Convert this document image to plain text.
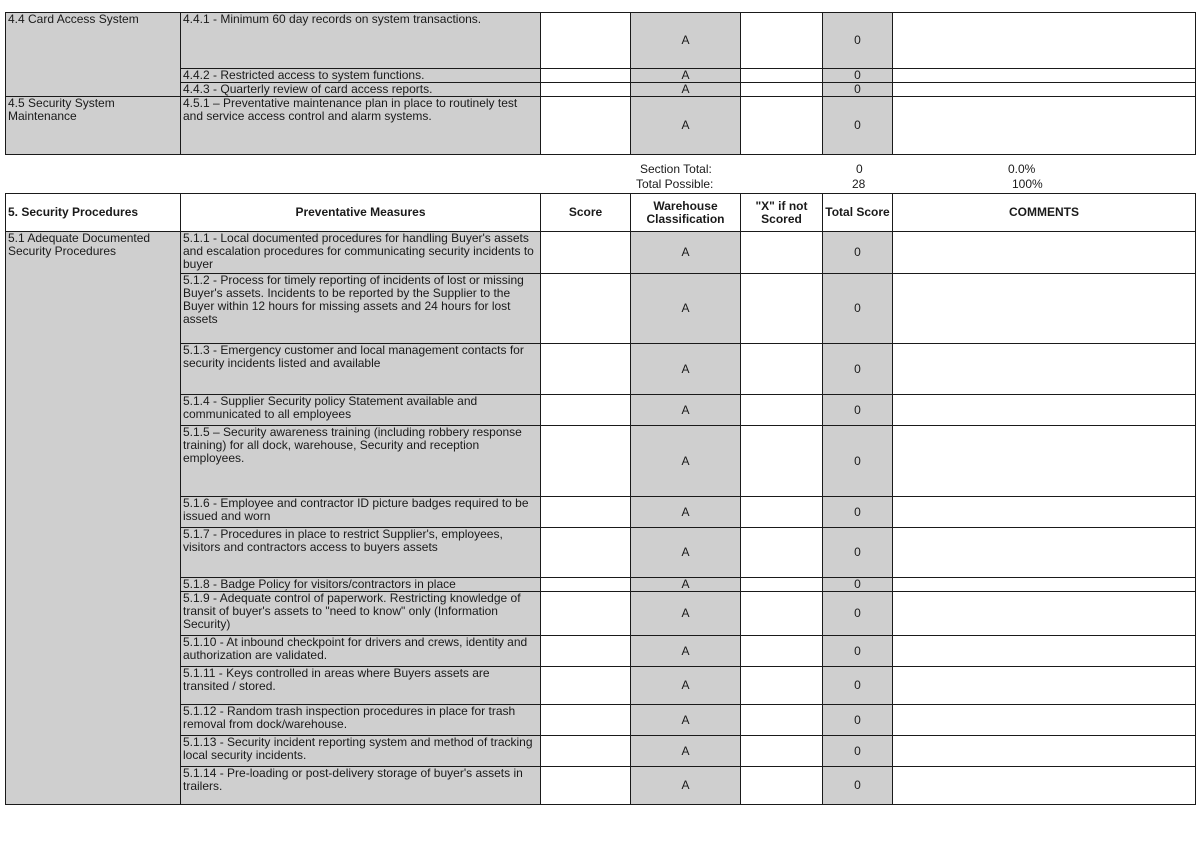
4.4 Card Access System	4.4.1 - Minimum 60 day records on system transactions.		A		0	
	4.4.2 - Restricted access to system functions.		A		0	
	4.4.3 - Quarterly review of card access reports.		A		0	
4.5 Security System Maintenance	4.5.1 – Preventative maintenance plan in place to routinely test and service access control and alarm systems.		A		0	
Section Total:	0	0.0%
Total Possible:	28	100%
5. Security Procedures	Preventative Measures	Score	Warehouse Classification	"X" if not Scored	Total Score	COMMENTS
5.1 Adequate Documented Security Procedures	5.1.1 - Local documented procedures for handling Buyer's assets and escalation procedures for communicating security incidents to buyer		A		0	
	5.1.2 - Process for timely reporting of incidents of lost or missing Buyer's assets. Incidents to be reported by the Supplier to the Buyer within 12 hours for missing assets and 24 hours for lost assets		A		0	
	5.1.3 - Emergency customer and local management contacts for security incidents listed and available		A		0	
	5.1.4 - Supplier Security policy Statement available and communicated to all employees		A		0	
	5.1.5 – Security awareness training (including robbery response training) for all dock, warehouse, Security and reception employees.		A		0	
	5.1.6 - Employee and contractor ID picture badges required to be issued and worn		A		0	
	5.1.7 - Procedures in place to restrict Supplier's, employees, visitors and contractors access to buyers assets		A		0	
	5.1.8 - Badge Policy for visitors/contractors in place		A		0	
	5.1.9 - Adequate control of paperwork. Restricting knowledge of transit of buyer's assets to "need to know" only (Information Security)		A		0	
	5.1.10 - At inbound checkpoint for drivers and crews, identity and authorization are validated.		A		0	
	5.1.11 - Keys controlled in areas where Buyers assets are transited / stored.		A		0	
	5.1.12 - Random trash inspection procedures in place for trash removal from dock/warehouse.		A		0	
	5.1.13 - Security incident reporting system and method of tracking local security incidents.		A		0	
	5.1.14 - Pre-loading or post-delivery storage of buyer's assets in trailers.		A		0	
